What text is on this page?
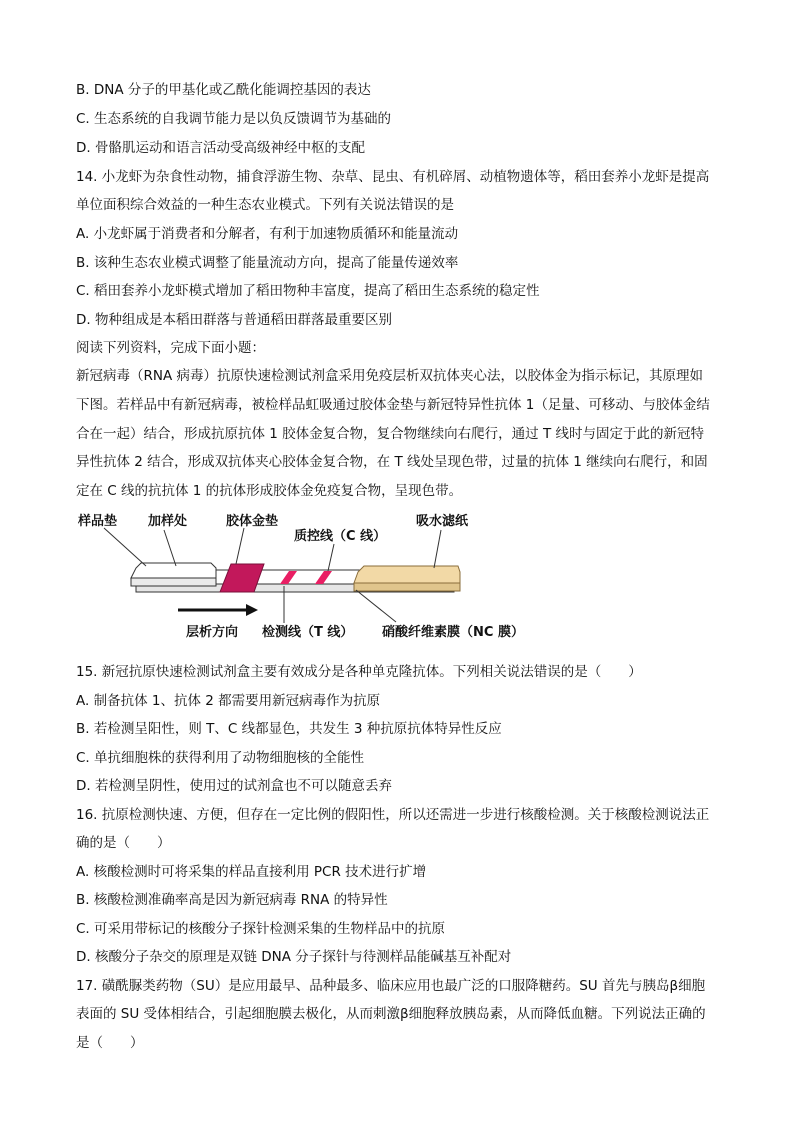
B. DNA 分子的甲基化或乙酰化能调控基因的表达
C. 生态系统的自我调节能力是以负反馈调节为基础的
D. 骨骼肌运动和语言活动受高级神经中枢的支配
14. 小龙虾为杂食性动物，捕食浮游生物、杂草、昆虫、有机碎屑、动植物遗体等，稻田套养小龙虾是提高
单位面积综合效益的一种生态农业模式。下列有关说法错误的是
A. 小龙虾属于消费者和分解者，有利于加速物质循环和能量流动
B. 该种生态农业模式调整了能量流动方向，提高了能量传递效率
C. 稻田套养小龙虾模式增加了稻田物种丰富度，提高了稻田生态系统的稳定性
D. 物种组成是本稻田群落与普通稻田群落最重要区别
阅读下列资料，完成下面小题：
新冠病毒（RNA 病毒）抗原快速检测试剂盒采用免疫层析双抗体夹心法，以胶体金为指示标记，其原理如
下图。若样品中有新冠病毒，被检样品虹吸通过胶体金垫与新冠特异性抗体 1（足量、可移动、与胶体金结
合在一起）结合，形成抗原抗体 1 胶体金复合物，复合物继续向右爬行，通过 T 线时与固定于此的新冠特
异性抗体 2 结合，形成双抗体夹心胶体金复合物，在 T 线处呈现色带，过量的抗体 1 继续向右爬行，和固
定在 C 线的抗抗体 1 的抗体形成胶体金免疫复合物，呈现色带。
样品垫 加样处	胶体金垫
质控线（C 线）
吸水滤纸
层析方向 检测线（T 线） 硝酸纤维素膜（NC 膜）
15. 新冠抗原快速检测试剂盒主要有效成分是各种单克隆抗体。下列相关说法错误的是（　　）
A. 制备抗体 1、抗体 2 都需要用新冠病毒作为抗原
B. 若检测呈阳性，则 T、C 线都显色，共发生 3 种抗原抗体特异性反应
C. 单抗细胞株的获得利用了动物细胞核的全能性
D. 若检测呈阴性，使用过的试剂盒也不可以随意丢弃
16. 抗原检测快速、方便，但存在一定比例的假阳性，所以还需进一步进行核酸检测。关于核酸检测说法正
确的是（　　）
A. 核酸检测时可将采集的样品直接利用 PCR 技术进行扩增
B. 核酸检测准确率高是因为新冠病毒 RNA 的特异性
C. 可采用带标记的核酸分子探针检测采集的生物样品中的抗原
D. 核酸分子杂交的原理是双链 DNA 分子探针与待测样品能碱基互补配对
17. 磺酰脲类药物（SU）是应用最早、品种最多、临床应用也最广泛的口服降糖药。SU 首先与胰岛β细胞
表面的 SU 受体相结合，引起细胞膜去极化，从而刺激β细胞释放胰岛素，从而降低血糖。下列说法正确的
是（　　）
